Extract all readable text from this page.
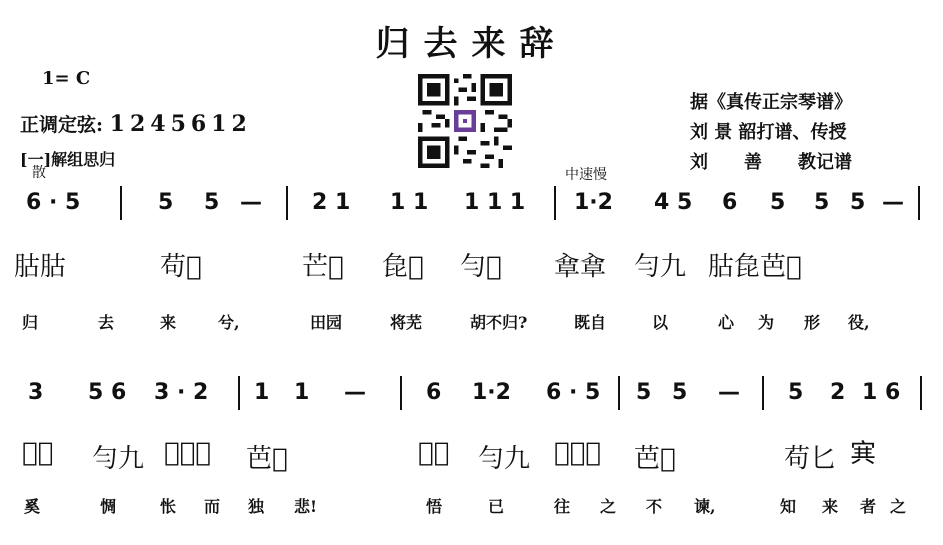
归去来辞
1= C
正调定弦: 1245612
[一]解组思归
据《真传正宗琴谱》
刘 景 韶打谱、传授
刘　　善　　教记谱
散	中速慢
6 · 5	5 5 — 2 1 1 1 1 1 1 1·2 4 5 6 5 5 5 —
𦙶𦙶	苟𦘚	芒𦘚 㲋𦘚 勻𦘚 䓥䓥 勻九 𦙶㲋芭𦘚
归	去	来	兮,	田园	将芜	胡不归?	既自	以	心 为 形 役,
3 5 6 3 · 2 1 1 —	6 1·2 6 · 5 5 5 — 5 2 1 6
𦘚亍 勻九 𦘚亍芭 芭𦘚	𦘚亍 勻九 𦘚亍芭 芭𦘚	苟匕 𡨄
奚	惆	怅 而 独 悲!	悟	已	往 之 不 谏,	知 来 者 之
